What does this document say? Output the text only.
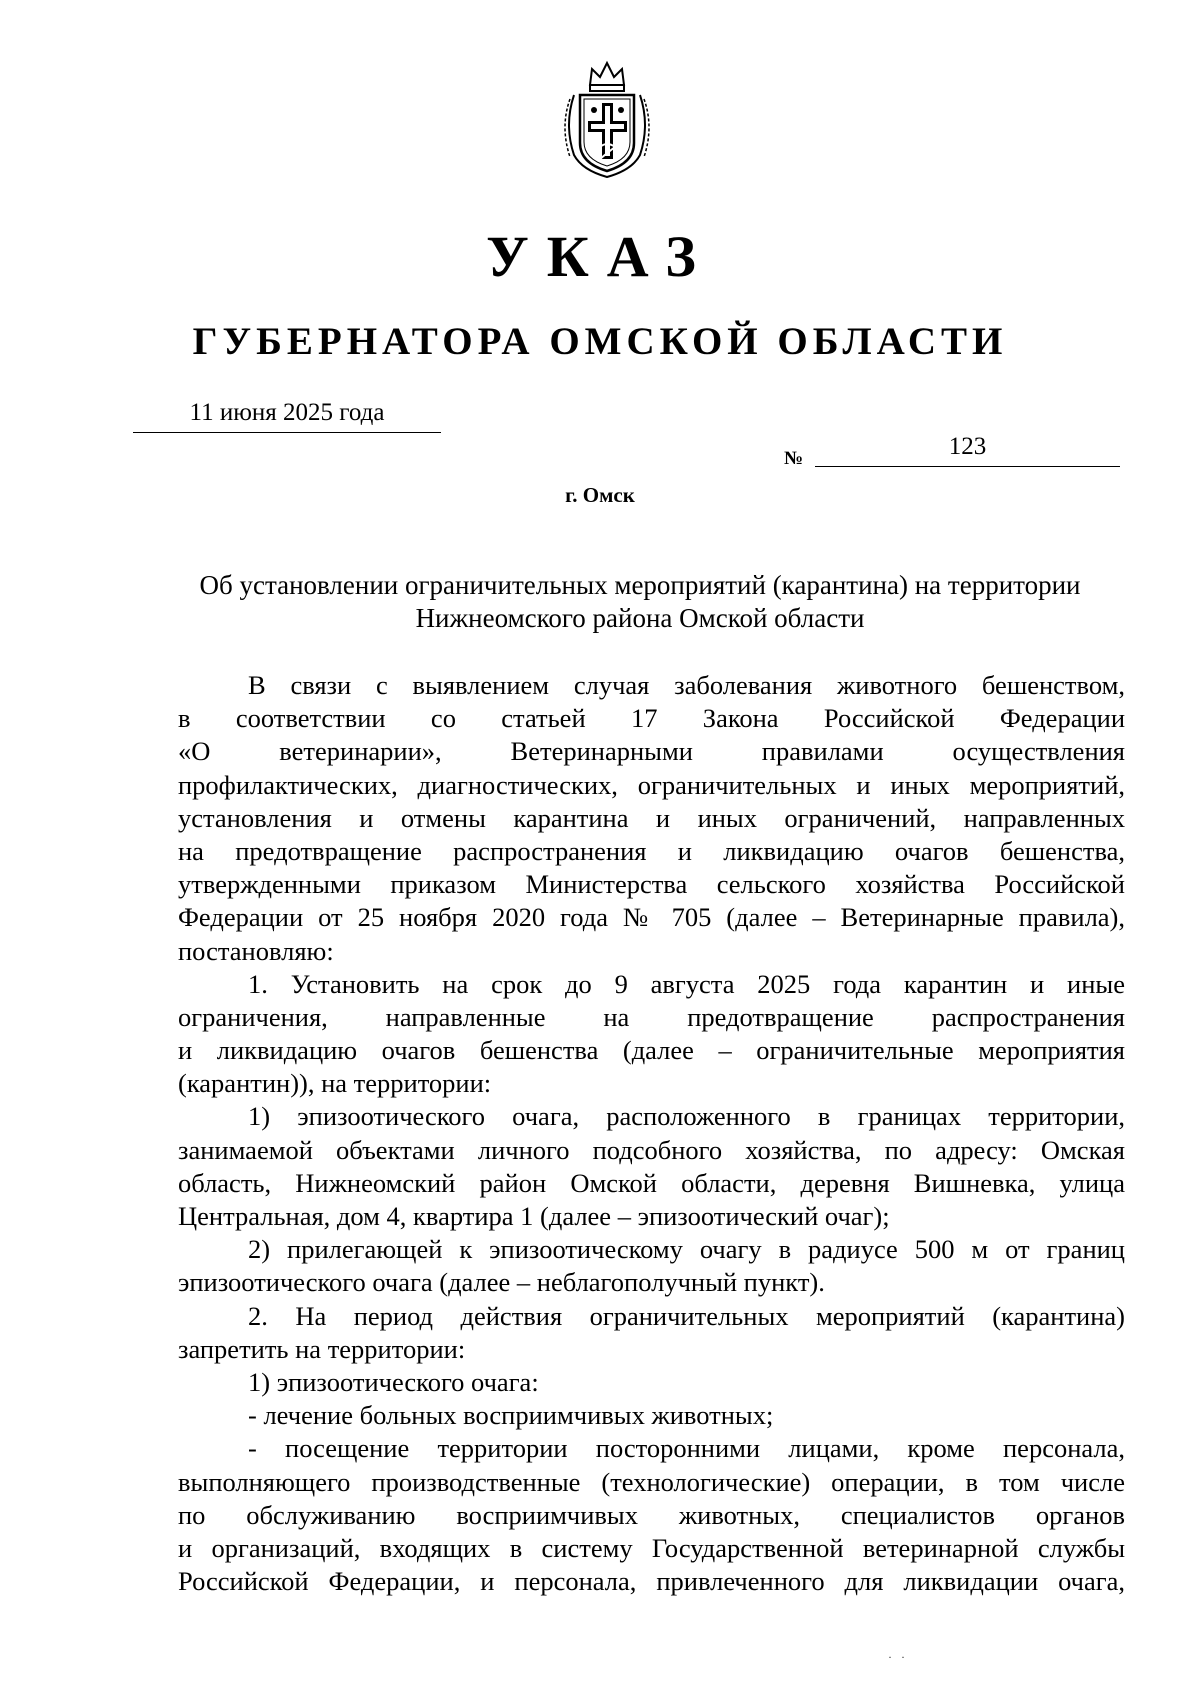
УКАЗ
ГУБЕРНАТОРА ОМСКОЙ ОБЛАСТИ
11 июня 2025 года
№	123
г. Омск
Об установлении ограничительных мероприятий (карантина) на территории
Нижнеомского района Омской области
В связи с выявлением случая заболевания животного бешенством,
в соответствии со статьей 17 Закона Российской Федерации
«О ветеринарии», Ветеринарными правилами осуществления
профилактических, диагностических, ограничительных и иных мероприятий,
установления и отмены карантина и иных ограничений, направленных
на предотвращение распространения и ликвидацию очагов бешенства,
утвержденными приказом Министерства сельского хозяйства Российской
Федерации от 25 ноября 2020 года № 705 (далее – Ветеринарные правила),
постановляю:
1. Установить на срок до 9 августа 2025 года карантин и иные
ограничения, направленные на предотвращение распространения
и ликвидацию очагов бешенства (далее – ограничительные мероприятия
(карантин)), на территории:
1) эпизоотического очага, расположенного в границах территории,
занимаемой объектами личного подсобного хозяйства, по адресу: Омская
область, Нижнеомский район Омской области, деревня Вишневка, улица
Центральная, дом 4, квартира 1 (далее – эпизоотический очаг);
2) прилегающей к эпизоотическому очагу в радиусе 500 м от границ
эпизоотического очага (далее – неблагополучный пункт).
2. На период действия ограничительных мероприятий (карантина)
запретить на территории:
1) эпизоотического очага:
- лечение больных восприимчивых животных;
- посещение территории посторонними лицами, кроме персонала,
выполняющего производственные (технологические) операции, в том числе
по обслуживанию восприимчивых животных, специалистов органов
и организаций, входящих в систему Государственной ветеринарной службы
Российской Федерации, и персонала, привлеченного для ликвидации очага,
·   ·
